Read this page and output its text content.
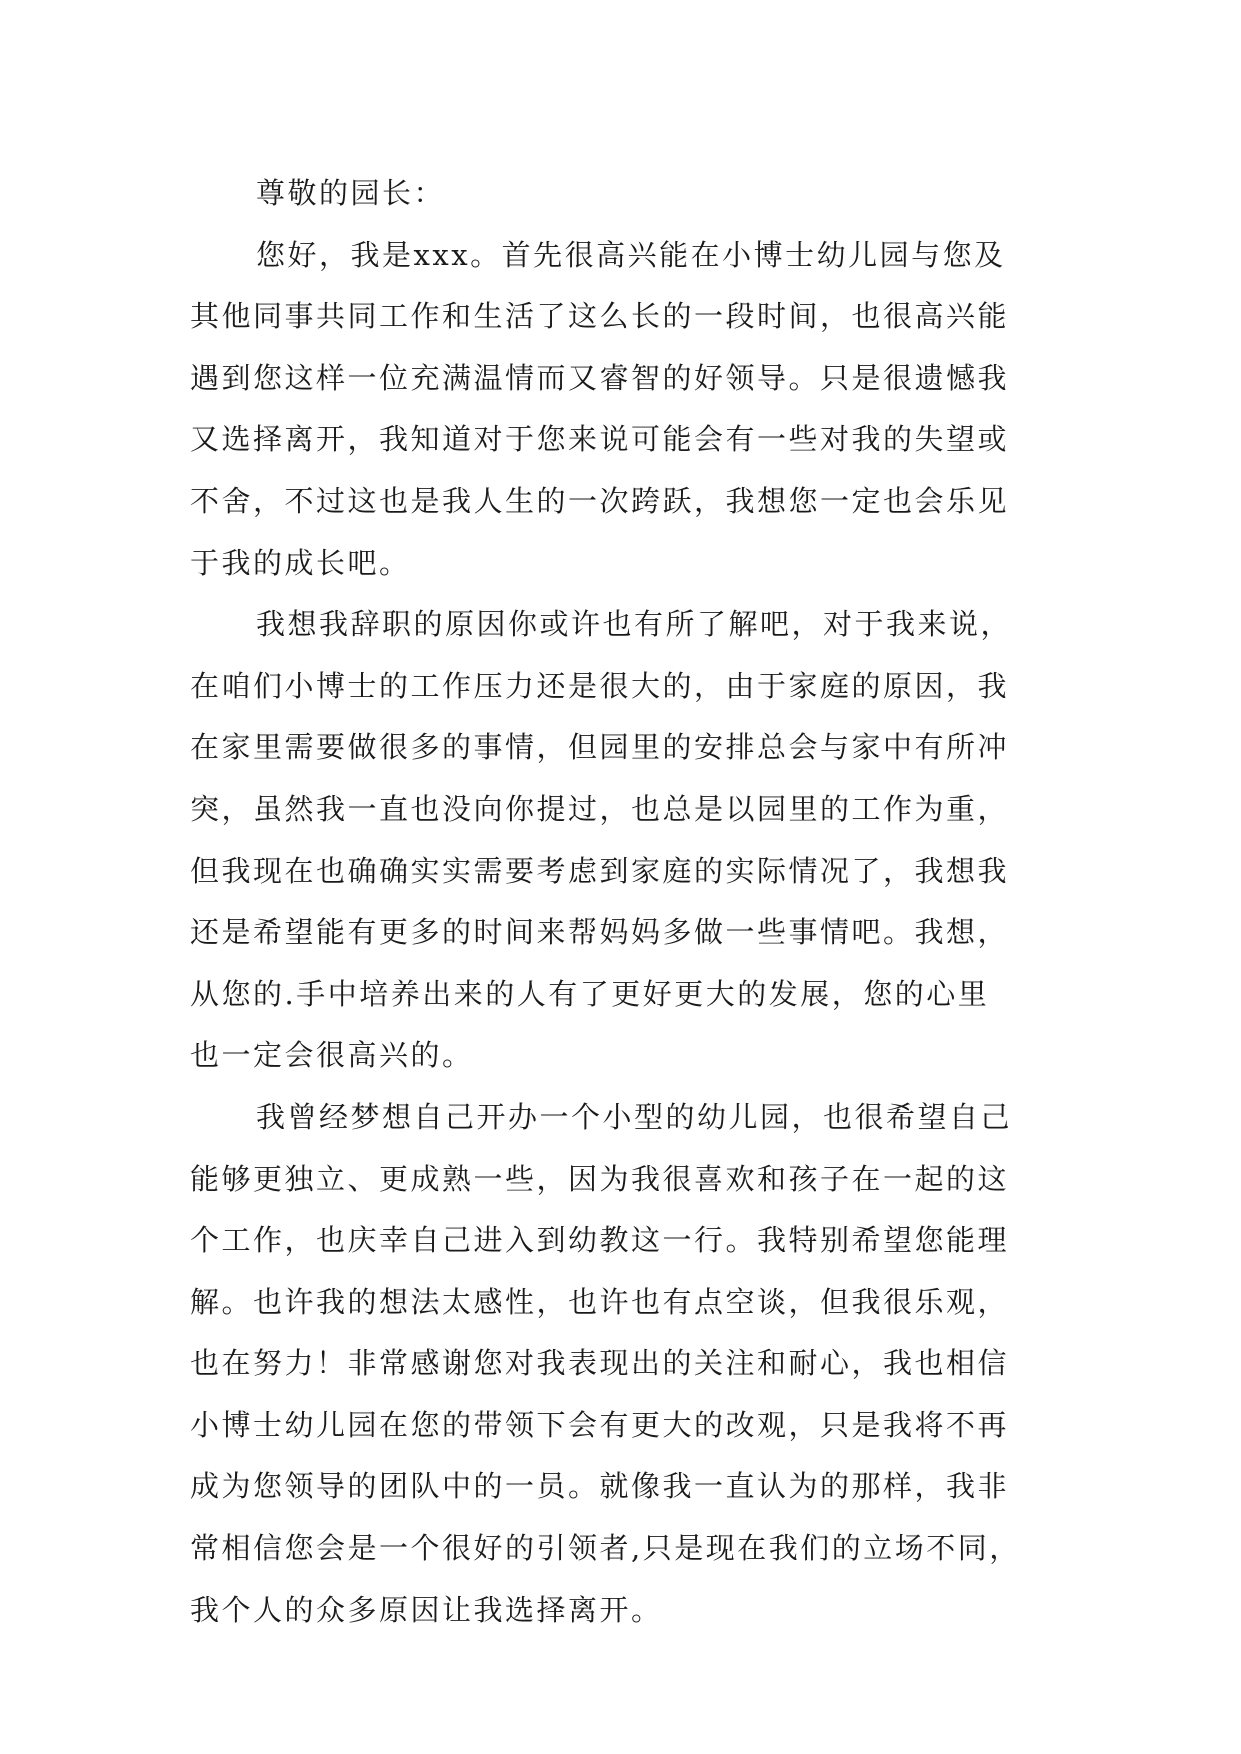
尊敬的园长：

您好，我是xxx。首先很高兴能在小博士幼儿园与您及
其他同事共同工作和生活了这么长的一段时间，也很高兴能
遇到您这样一位充满温情而又睿智的好领导。只是很遗憾我
又选择离开，我知道对于您来说可能会有一些对我的失望或
不舍，不过这也是我人生的一次跨跃，我想您一定也会乐见
于我的成长吧。

我想我辞职的原因你或许也有所了解吧，对于我来说，
在咱们小博士的工作压力还是很大的，由于家庭的原因，我
在家里需要做很多的事情，但园里的安排总会与家中有所冲
突，虽然我一直也没向你提过，也总是以园里的工作为重，
但我现在也确确实实需要考虑到家庭的实际情况了，我想我
还是希望能有更多的时间来帮妈妈多做一些事情吧。我想，
从您的.手中培养出来的人有了更好更大的发展，您的心里
也一定会很高兴的。

我曾经梦想自己开办一个小型的幼儿园，也很希望自己
能够更独立、更成熟一些，因为我很喜欢和孩子在一起的这
个工作，也庆幸自己进入到幼教这一行。我特别希望您能理
解。也许我的想法太感性，也许也有点空谈，但我很乐观，
也在努力！非常感谢您对我表现出的关注和耐心，我也相信
小博士幼儿园在您的带领下会有更大的改观，只是我将不再
成为您领导的团队中的一员。就像我一直认为的那样，我非
常相信您会是一个很好的引领者,只是现在我们的立场不同，
我个人的众多原因让我选择离开。
